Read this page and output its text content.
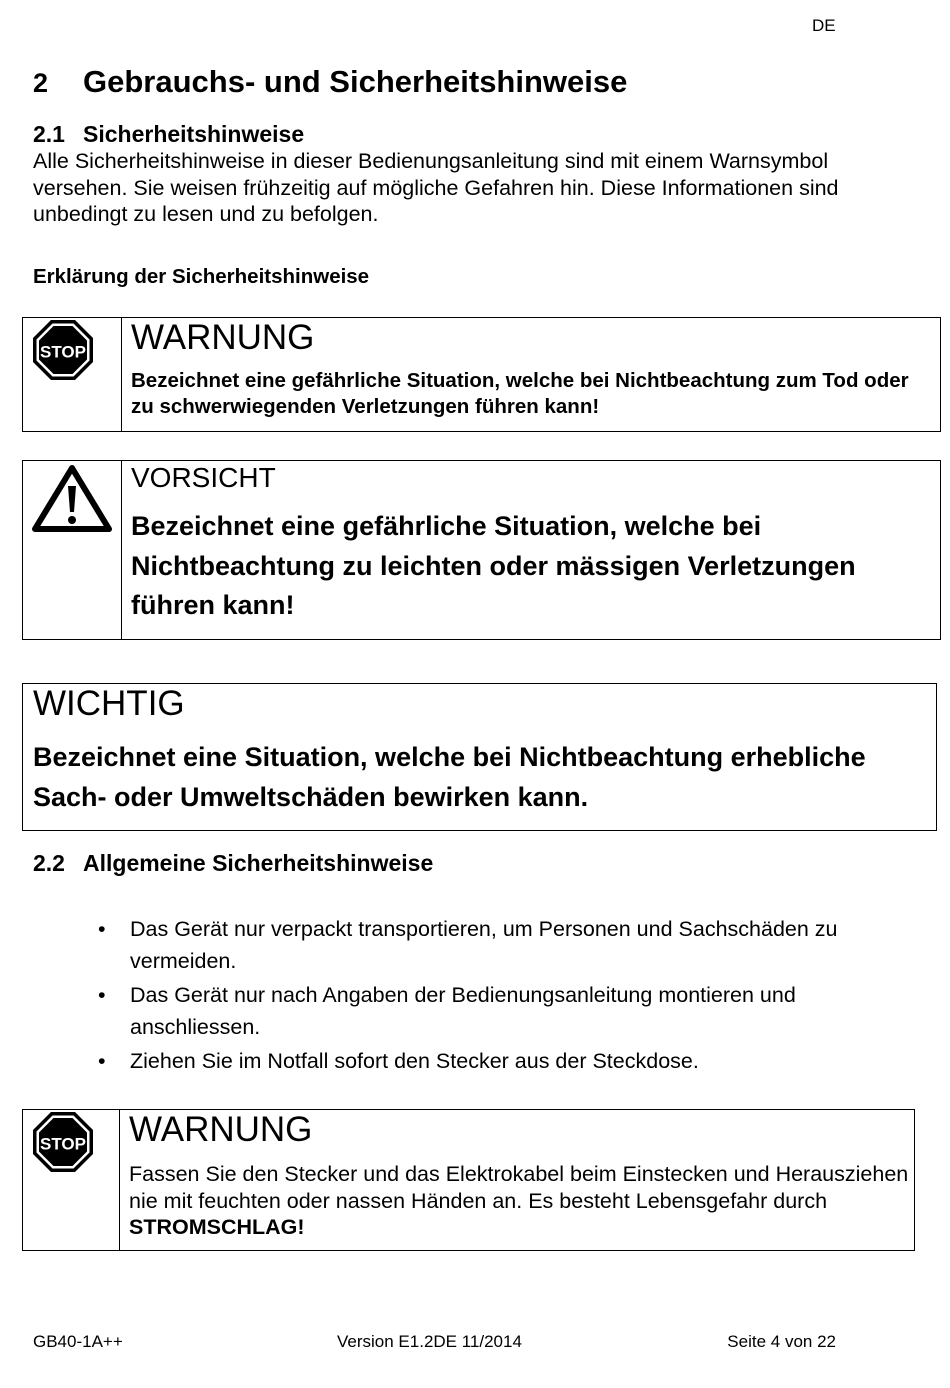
DE
2 Gebrauchs- und Sicherheitshinweise
2.1 Sicherheitshinweise
Alle Sicherheitshinweise in dieser Bedienungsanleitung sind mit einem Warnsymbol versehen. Sie weisen frühzeitig auf mögliche Gefahren hin. Diese Informationen sind unbedingt zu lesen und zu befolgen.
Erklärung der Sicherheitshinweise
STOP WARNUNG
Bezeichnet eine gefährliche Situation, welche bei Nichtbeachtung zum Tod oder zu schwerwiegenden Verletzungen führen kann!
VORSICHT
Bezeichnet eine gefährliche Situation, welche bei Nichtbeachtung zu leichten oder mässigen Verletzungen führen kann!
WICHTIG
Bezeichnet eine Situation, welche bei Nichtbeachtung erhebliche Sach- oder Umweltschäden bewirken kann.
2.2 Allgemeine Sicherheitshinweise
• Das Gerät nur verpackt transportieren, um Personen und Sachschäden zu vermeiden.
• Das Gerät nur nach Angaben der Bedienungsanleitung montieren und anschliessen.
• Ziehen Sie im Notfall sofort den Stecker aus der Steckdose.
STOP WARNUNG
Fassen Sie den Stecker und das Elektrokabel beim Einstecken und Herausziehen nie mit feuchten oder nassen Händen an. Es besteht Lebensgefahr durch STROMSCHLAG!
GB40-1A++	Version E1.2DE 11/2014	Seite 4 von 22
